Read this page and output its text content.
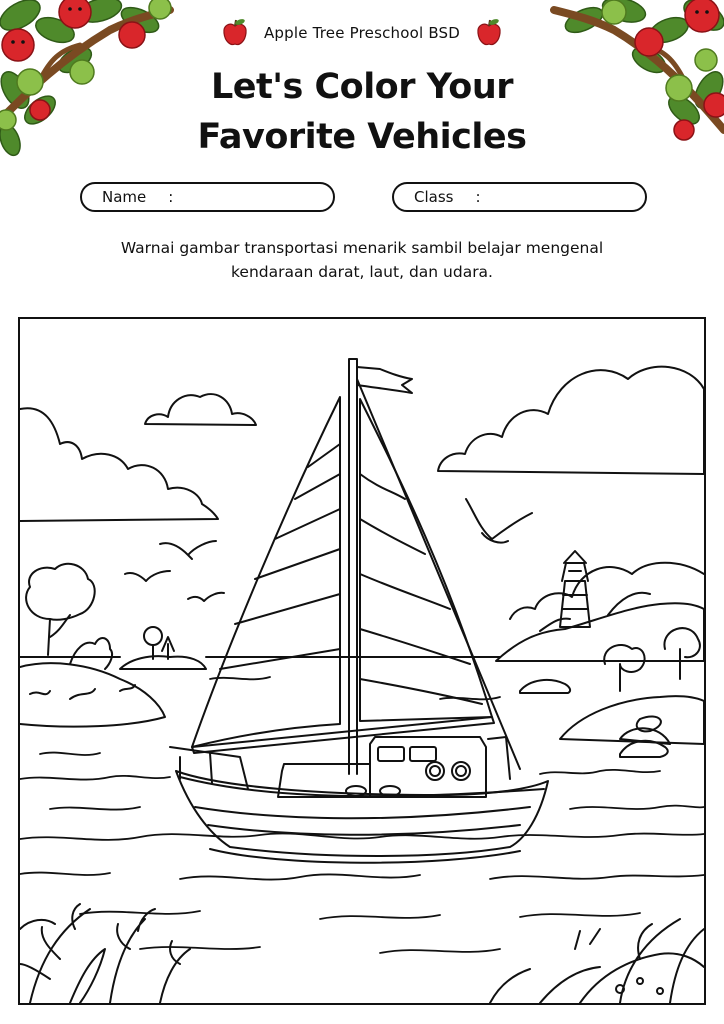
Apple Tree Preschool BSD
Let's Color Your
Favorite Vehicles
Name :	Class :
Warnai gambar transportasi menarik sambil belajar mengenal
kendaraan darat, laut, dan udara.
